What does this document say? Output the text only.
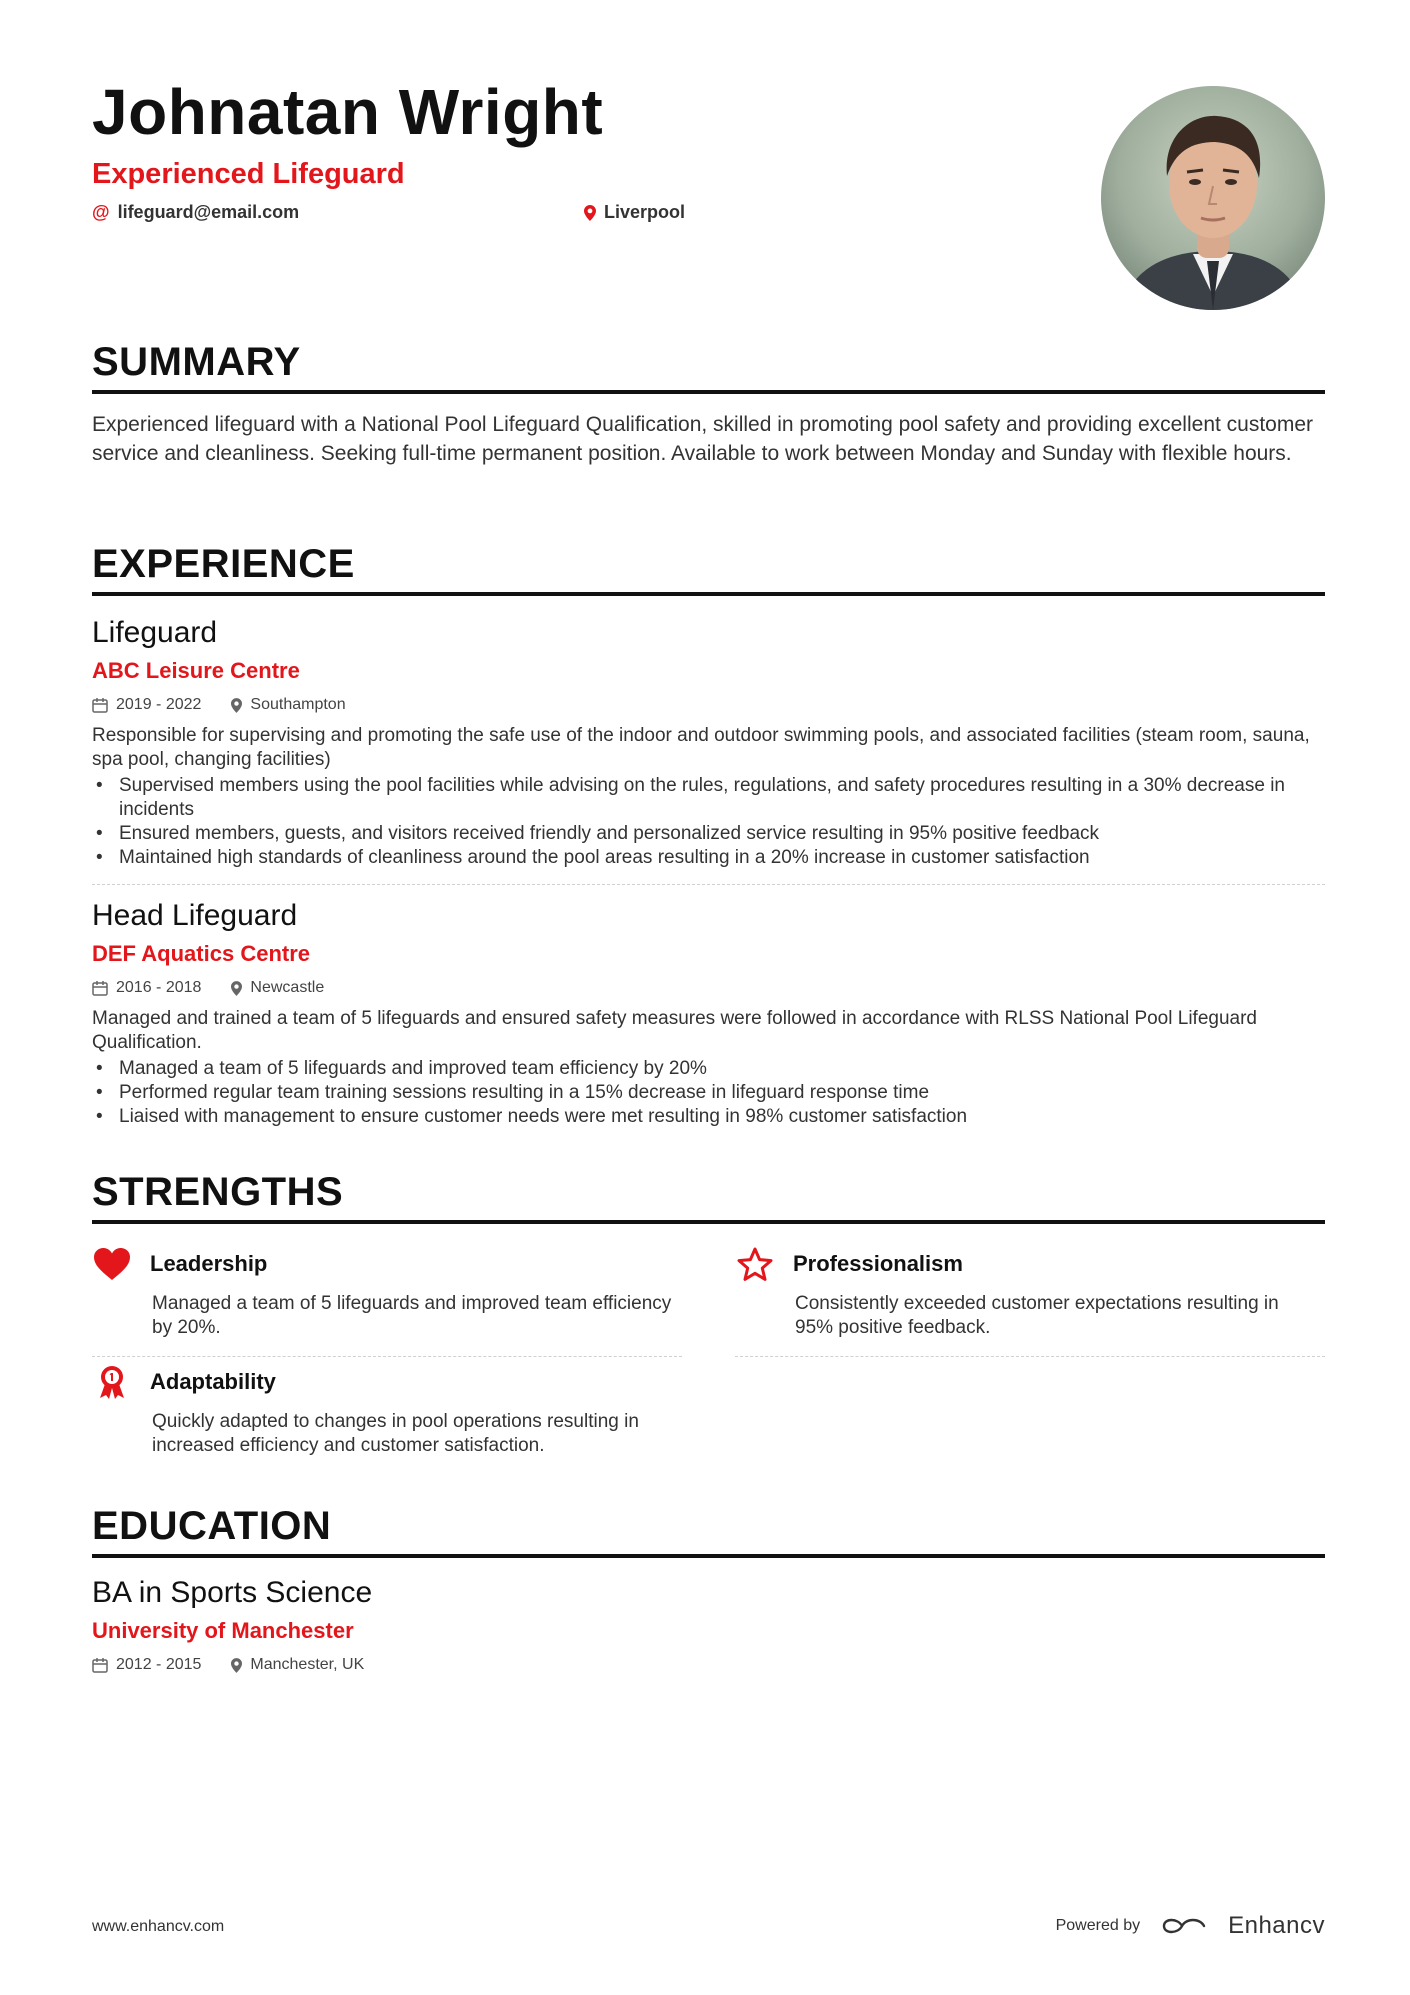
Johnatan Wright
Experienced Lifeguard
@ lifeguard@email.com	Liverpool
SUMMARY
Experienced lifeguard with a National Pool Lifeguard Qualification, skilled in promoting pool safety and providing excellent customer service and cleanliness. Seeking full-time permanent position. Available to work between Monday and Sunday with flexible hours.
EXPERIENCE
Lifeguard
ABC Leisure Centre
2019 - 2022	Southampton
Responsible for supervising and promoting the safe use of the indoor and outdoor swimming pools, and associated facilities (steam room, sauna, spa pool, changing facilities)
• Supervised members using the pool facilities while advising on the rules, regulations, and safety procedures resulting in a 30% decrease in incidents
• Ensured members, guests, and visitors received friendly and personalized service resulting in 95% positive feedback
• Maintained high standards of cleanliness around the pool areas resulting in a 20% increase in customer satisfaction
Head Lifeguard
DEF Aquatics Centre
2016 - 2018	Newcastle
Managed and trained a team of 5 lifeguards and ensured safety measures were followed in accordance with RLSS National Pool Lifeguard Qualification.
• Managed a team of 5 lifeguards and improved team efficiency by 20%
• Performed regular team training sessions resulting in a 15% decrease in lifeguard response time
• Liaised with management to ensure customer needs were met resulting in 98% customer satisfaction
STRENGTHS
Leadership
Managed a team of 5 lifeguards and improved team efficiency by 20%.
Professionalism
Consistently exceeded customer expectations resulting in 95% positive feedback.
Adaptability
Quickly adapted to changes in pool operations resulting in increased efficiency and customer satisfaction.
EDUCATION
BA in Sports Science
University of Manchester
2012 - 2015	Manchester, UK
www.enhancv.com	Powered by	Enhancv
